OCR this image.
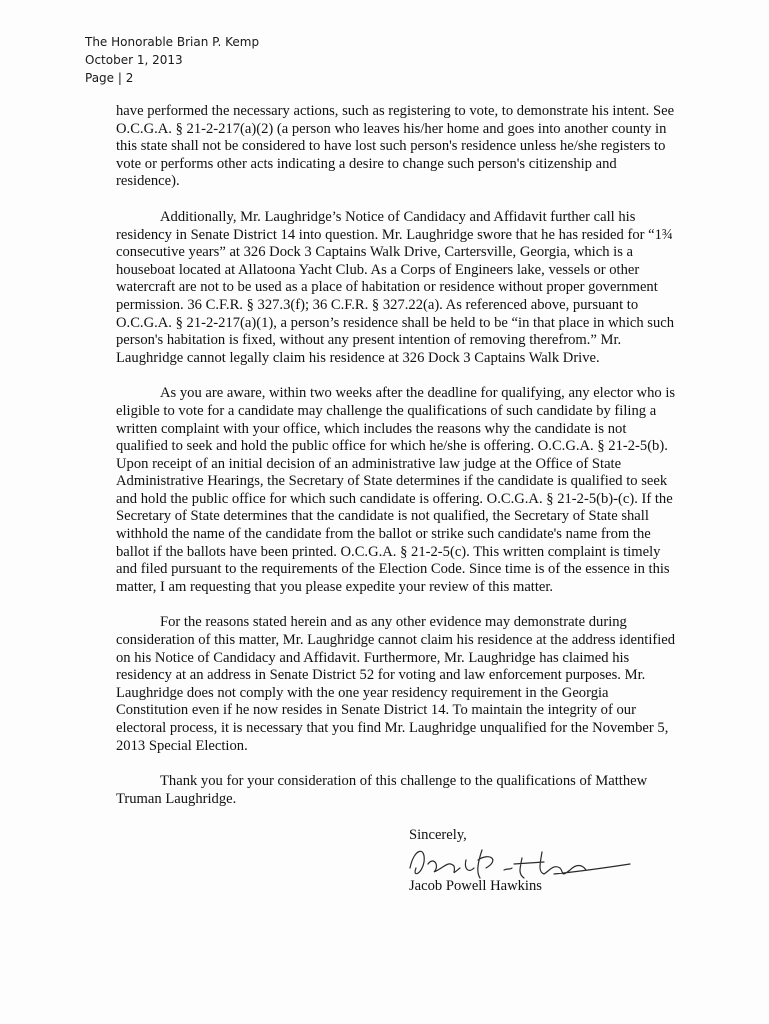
The Honorable Brian P. Kemp
October 1, 2013
Page | 2

have performed the necessary actions, such as registering to vote, to demonstrate his intent. See O.C.G.A. § 21-2-217(a)(2) (a person who leaves his/her home and goes into another county in this state shall not be considered to have lost such person's residence unless he/she registers to vote or performs other acts indicating a desire to change such person's citizenship and residence).

Additionally, Mr. Laughridge’s Notice of Candidacy and Affidavit further call his residency in Senate District 14 into question. Mr. Laughridge swore that he has resided for “1¾ consecutive years” at 326 Dock 3 Captains Walk Drive, Cartersville, Georgia, which is a houseboat located at Allatoona Yacht Club. As a Corps of Engineers lake, vessels or other watercraft are not to be used as a place of habitation or residence without proper government permission. 36 C.F.R. § 327.3(f); 36 C.F.R. § 327.22(a). As referenced above, pursuant to O.C.G.A. § 21-2-217(a)(1), a person’s residence shall be held to be “in that place in which such person's habitation is fixed, without any present intention of removing therefrom.” Mr. Laughridge cannot legally claim his residence at 326 Dock 3 Captains Walk Drive.

As you are aware, within two weeks after the deadline for qualifying, any elector who is eligible to vote for a candidate may challenge the qualifications of such candidate by filing a written complaint with your office, which includes the reasons why the candidate is not qualified to seek and hold the public office for which he/she is offering. O.C.G.A. § 21-2-5(b). Upon receipt of an initial decision of an administrative law judge at the Office of State Administrative Hearings, the Secretary of State determines if the candidate is qualified to seek and hold the public office for which such candidate is offering. O.C.G.A. § 21-2-5(b)-(c). If the Secretary of State determines that the candidate is not qualified, the Secretary of State shall withhold the name of the candidate from the ballot or strike such candidate's name from the ballot if the ballots have been printed. O.C.G.A. § 21-2-5(c). This written complaint is timely and filed pursuant to the requirements of the Election Code. Since time is of the essence in this matter, I am requesting that you please expedite your review of this matter.

For the reasons stated herein and as any other evidence may demonstrate during consideration of this matter, Mr. Laughridge cannot claim his residence at the address identified on his Notice of Candidacy and Affidavit. Furthermore, Mr. Laughridge has claimed his residency at an address in Senate District 52 for voting and law enforcement purposes. Mr. Laughridge does not comply with the one year residency requirement in the Georgia Constitution even if he now resides in Senate District 14. To maintain the integrity of our electoral process, it is necessary that you find Mr. Laughridge unqualified for the November 5, 2013 Special Election.

Thank you for your consideration of this challenge to the qualifications of Matthew Truman Laughridge.

Sincerely,
Jacob Powell Hawkins
